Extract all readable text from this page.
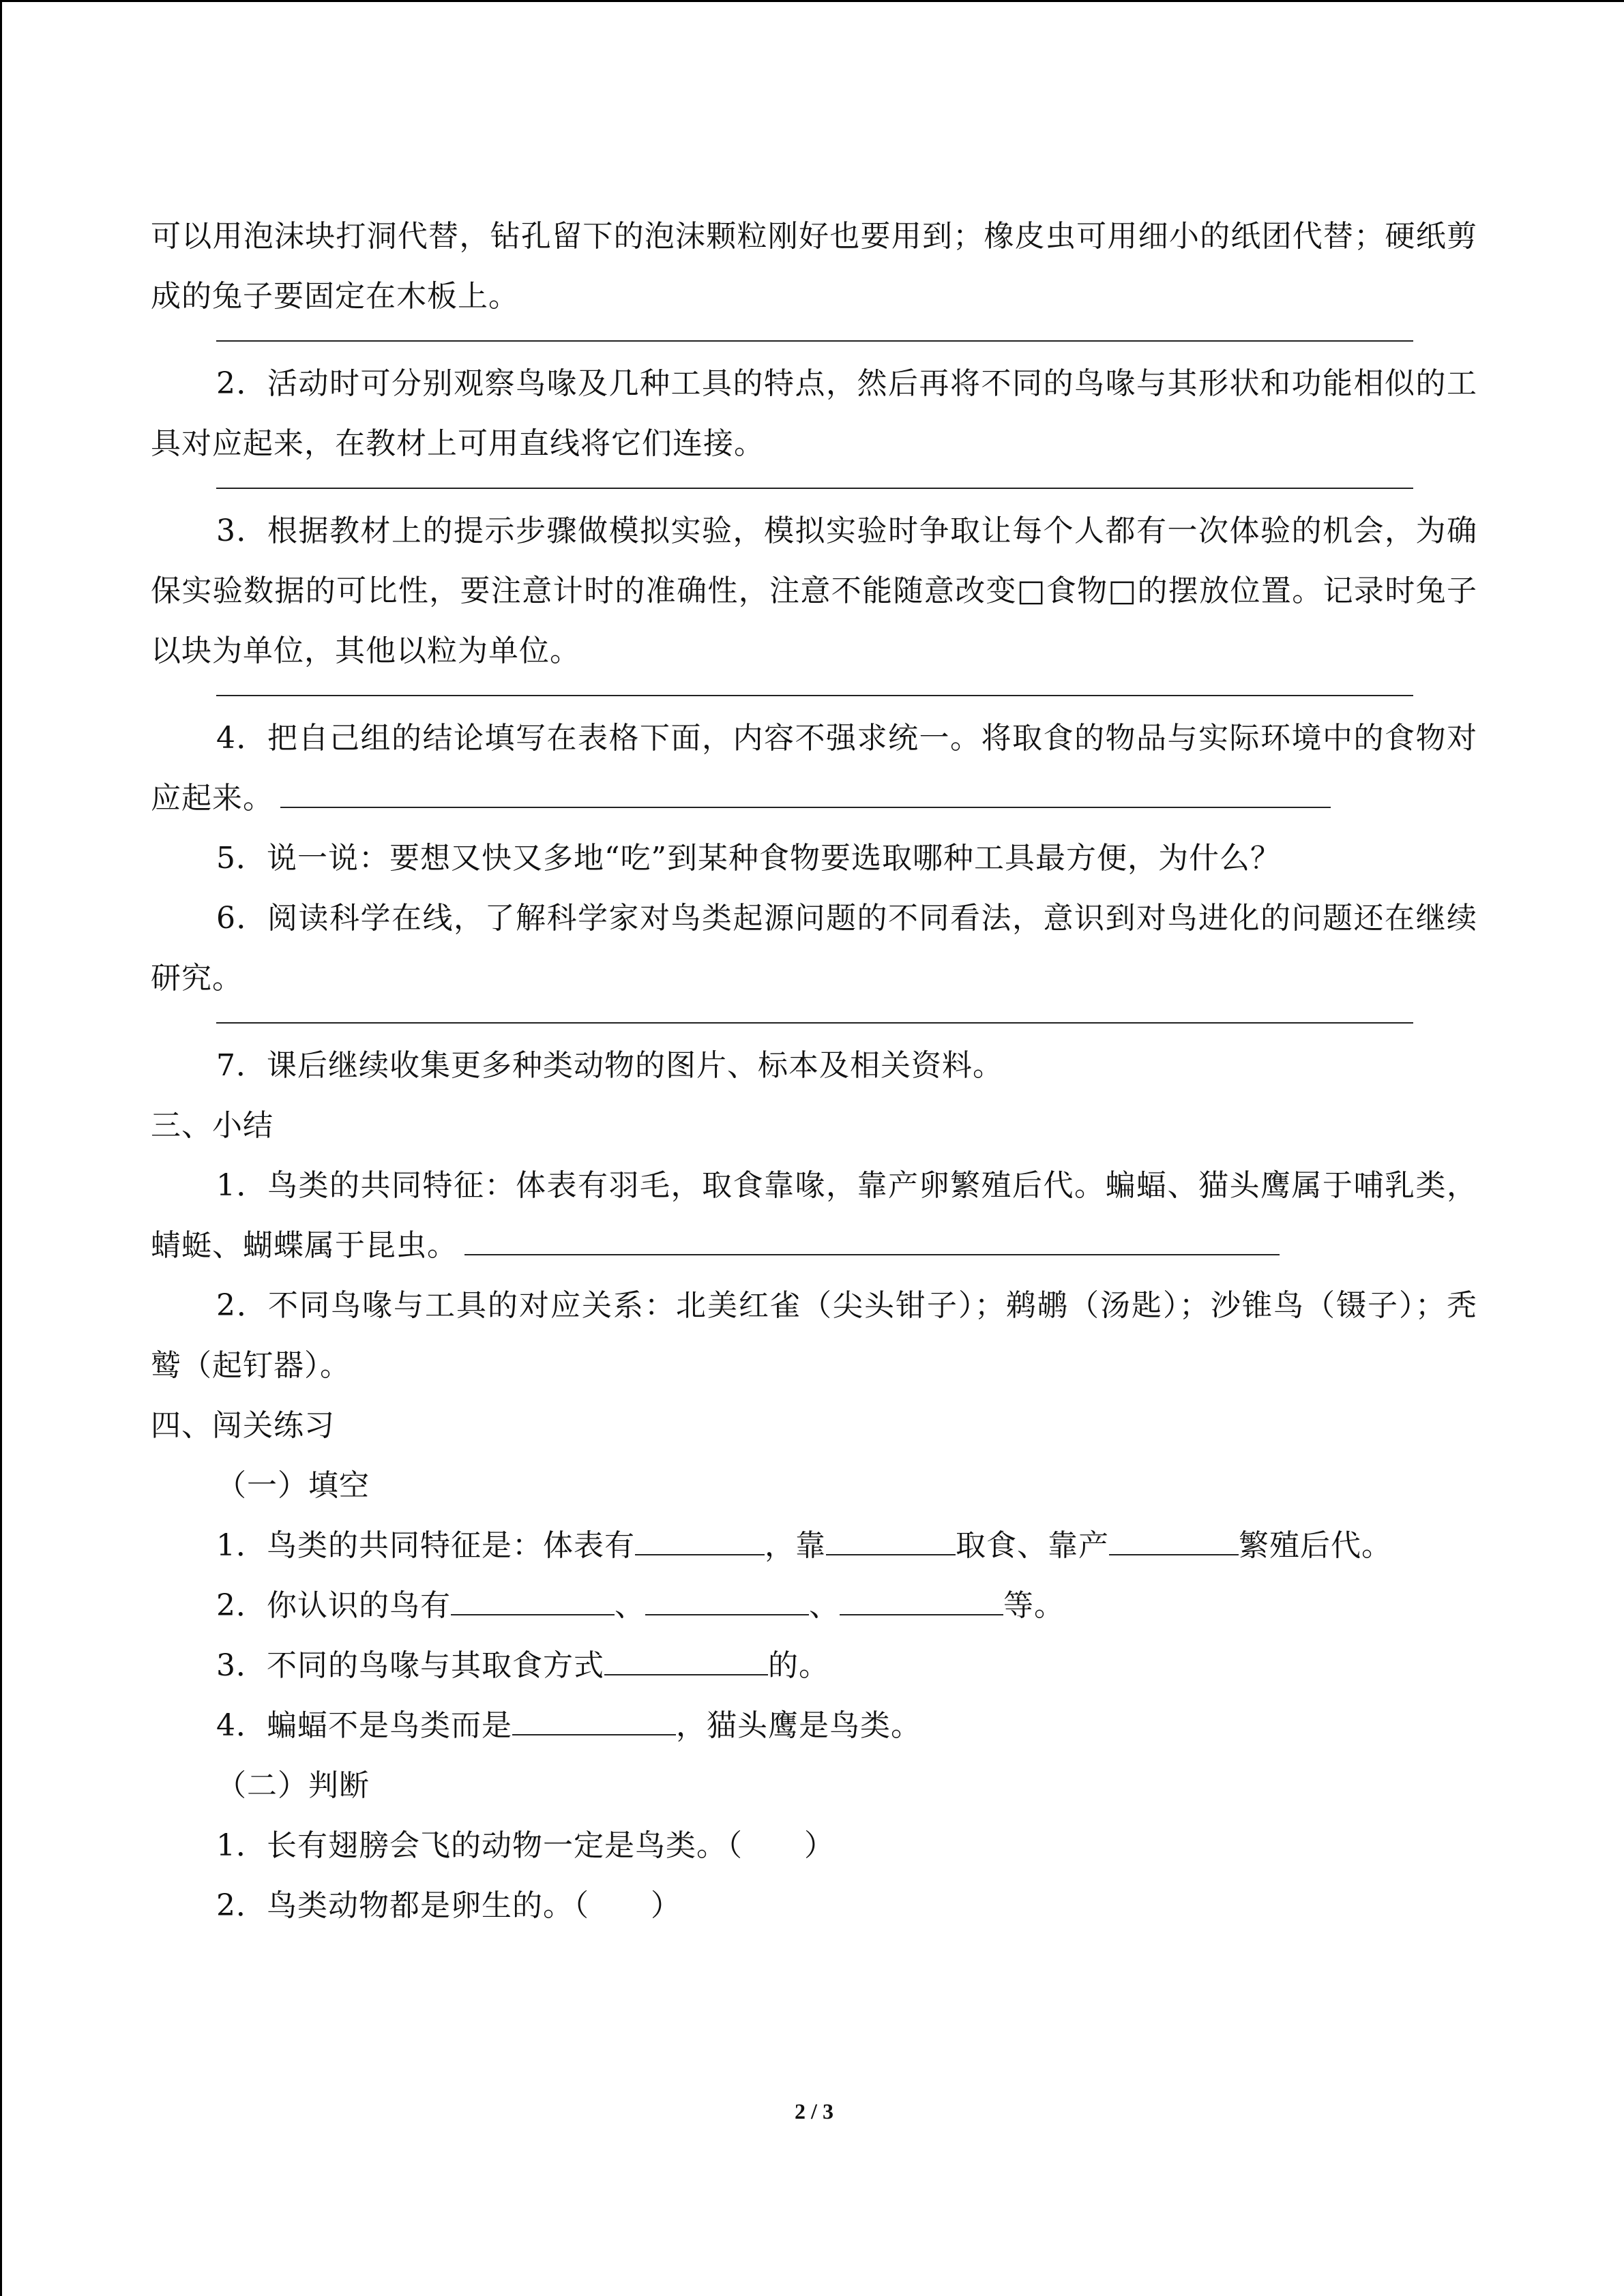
可以用泡沫块打洞代替，钻孔留下的泡沫颗粒刚好也要用到；橡皮虫可用细小的纸团代替；硬纸剪成的兔子要固定在木板上。

2．活动时可分别观察鸟喙及几种工具的特点，然后再将不同的鸟喙与其形状和功能相似的工具对应起来，在教材上可用直线将它们连接。

3．根据教材上的提示步骤做模拟实验，模拟实验时争取让每个人都有一次体验的机会，为确保实验数据的可比性，要注意计时的准确性，注意不能随意改变□食物□的摆放位置。记录时兔子以块为单位，其他以粒为单位。

4．把自己组的结论填写在表格下面，内容不强求统一。将取食的物品与实际环境中的食物对应起来。

5．说一说：要想又快又多地“吃”到某种食物要选取哪种工具最方便，为什么？

6．阅读科学在线，了解科学家对鸟类起源问题的不同看法，意识到对鸟进化的问题还在继续研究。

7．课后继续收集更多种类动物的图片、标本及相关资料。

三、小结

1．鸟类的共同特征：体表有羽毛，取食靠喙，靠产卵繁殖后代。蝙蝠、猫头鹰属于哺乳类，蜻蜓、蝴蝶属于昆虫。

2．不同鸟喙与工具的对应关系：北美红雀（尖头钳子）；鹈鹕（汤匙）；沙锥鸟（镊子）；秃鹫（起钉器）。

四、闯关练习

（一）填空

1．鸟类的共同特征是：体表有	，靠	取食、靠产	繁殖后代。

2．你认识的鸟有	、	、	等。

3．不同的鸟喙与其取食方式	的。

4．蝙蝠不是鸟类而是	，猫头鹰是鸟类。

（二）判断

1．长有翅膀会飞的动物一定是鸟类。（　　）

2．鸟类动物都是卵生的。（　　）

2 / 3
